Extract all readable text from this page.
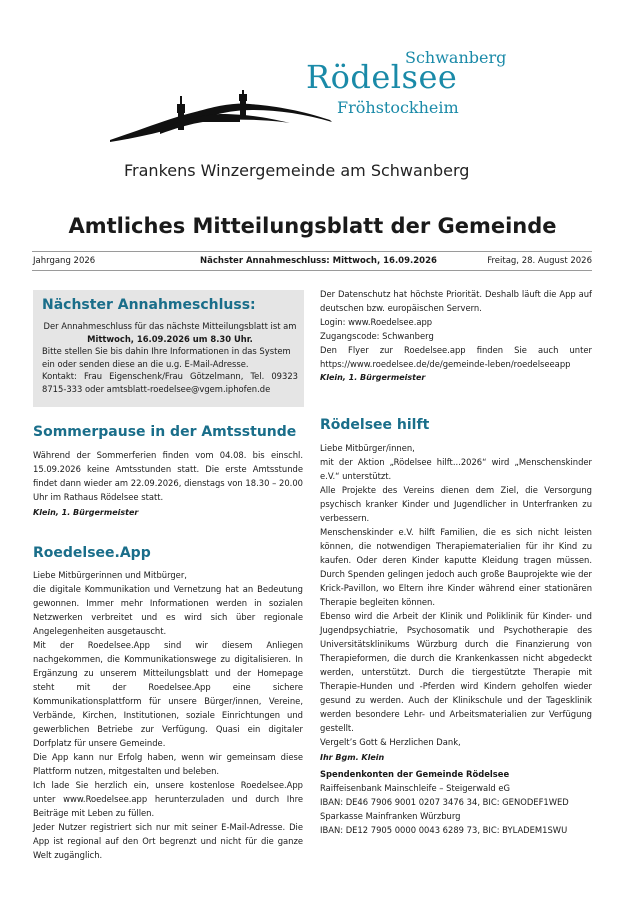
Schwanberg
Rödelsee
Fröhstockheim
Frankens Winzergemeinde am Schwanberg
Amtliches Mitteilungsblatt der Gemeinde
Jahrgang 2026	Nächster Annahmeschluss: Mittwoch, 16.09.2026	Freitag, 28. August 2026
Nächster Annahmeschluss:

Der Annahmeschluss für das nächste Mitteilungsblatt ist am

Mittwoch, 16.09.2026 um 8.30 Uhr.

Bitte stellen Sie bis dahin Ihre Informationen in das System ein oder senden diese an die u.g. E-Mail-Adresse.

Kontakt: Frau Eigenschenk/Frau Götzelmann, Tel. 09323 8715-333 oder amtsblatt-roedelsee@vgem.iphofen.de

Sommerpause in der Amtsstunde

Während der Sommerferien finden vom 04.08. bis einschl. 15.09.2026 keine Amtsstunden statt. Die erste Amtsstunde findet dann wieder am 22.09.2026, dienstags von 18.30 – 20.00 Uhr im Rathaus Rödelsee statt.

Klein, 1. Bürgermeister

Roedelsee.App

Liebe Mitbürgerinnen und Mitbürger,

die digitale Kommunikation und Vernetzung hat an Bedeutung gewonnen. Immer mehr Informationen werden in sozialen Netzwerken verbreitet und es wird sich über regionale Angelegenheiten ausgetauscht.

Mit der Roedelsee.App sind wir diesem Anliegen nachgekommen, die Kommunikationswege zu digitalisieren. In Ergänzung zu unserem Mitteilungsblatt und der Homepage steht mit der Roedelsee.App eine sichere Kommunikationsplattform für unsere Bürger/innen, Vereine, Verbände, Kirchen, Institutionen, soziale Einrichtungen und gewerblichen Betriebe zur Verfügung. Quasi ein digitaler Dorfplatz für unsere Gemeinde.

Die App kann nur Erfolg haben, wenn wir gemeinsam diese Plattform nutzen, mitgestalten und beleben.

Ich lade Sie herzlich ein, unsere kostenlose Roedelsee.App unter www.Roedelsee.app herunterzuladen und durch Ihre Beiträge mit Leben zu füllen.

Jeder Nutzer registriert sich nur mit seiner E-Mail-Adresse. Die App ist regional auf den Ort begrenzt und nicht für die ganze Welt zugänglich.

Der Datenschutz hat höchste Priorität. Deshalb läuft die App auf deutschen bzw. europäischen Servern.

Login: www.Roedelsee.app

Zugangscode: Schwanberg

Den Flyer zur Roedelsee.app finden Sie auch unter https://www.roedelsee.de/de/gemeinde-leben/roedelseeapp

Klein, 1. Bürgermeister

Rödelsee hilft

Liebe Mitbürger/innen,

mit der Aktion „Rödelsee hilft...2026“ wird „Menschenskinder e.V.“ unterstützt.

Alle Projekte des Vereins dienen dem Ziel, die Versorgung psychisch kranker Kinder und Jugendlicher in Unterfranken zu verbessern.

Menschenskinder e.V. hilft Familien, die es sich nicht leisten können, die notwendigen Therapiematerialien für ihr Kind zu kaufen. Oder deren Kinder kaputte Kleidung tragen müssen. Durch Spenden gelingen jedoch auch große Bauprojekte wie der Krick-Pavillon, wo Eltern ihre Kinder während einer stationären Therapie begleiten können.

Ebenso wird die Arbeit der Klinik und Poliklinik für Kinder- und Jugendpsychiatrie, Psychosomatik und Psychotherapie des Universitätsklinikums Würzburg durch die Finanzierung von Therapieformen, die durch die Krankenkassen nicht abgedeckt werden, unterstützt. Durch die tiergestützte Therapie mit Therapie-Hunden und -Pferden wird Kindern geholfen wieder gesund zu werden. Auch der Klinikschule und der Tagesklinik werden besondere Lehr- und Arbeitsmaterialien zur Verfügung gestellt.

Vergelt’s Gott & Herzlichen Dank,

Ihr Bgm. Klein

Spendenkonten der Gemeinde Rödelsee

Raiffeisenbank Mainschleife – Steigerwald eG

IBAN: DE46 7906 9001 0207 3476 34, BIC: GENODEF1WED

Sparkasse Mainfranken Würzburg

IBAN: DE12 7905 0000 0043 6289 73, BIC: BYLADEM1SWU
